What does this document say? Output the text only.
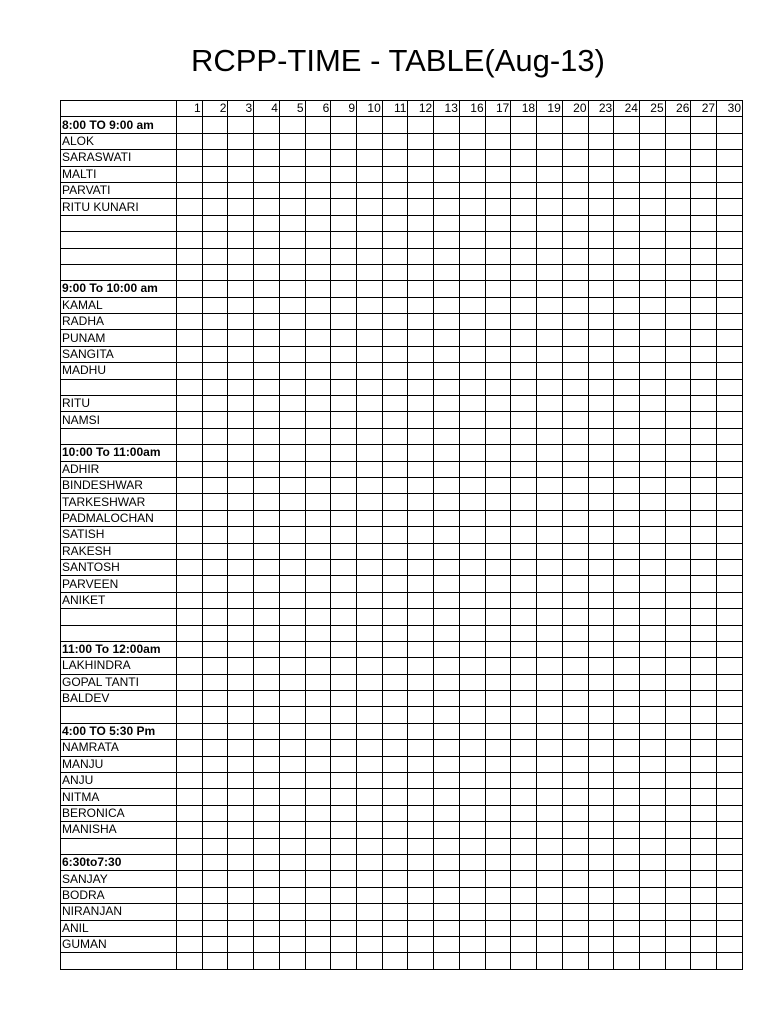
RCPP-TIME - TABLE(Aug-13)
	1	2	3	4	5	6	9	10	11	12	13	16	17	18	19	20	23	24	25	26	27	30
8:00 TO 9:00 am																						
ALOK																						
SARASWATI																						
MALTI																						
PARVATI																						
RITU KUNARI																						

9:00 To 10:00 am																						
KAMAL																						
RADHA																						
PUNAM																						
SANGITA																						
MADHU																						

RITU																						
NAMSI																						

10:00 To 11:00am																						
ADHIR																						
BINDESHWAR																						
TARKESHWAR																						
PADMALOCHAN																						
SATISH																						
RAKESH																						
SANTOSH																						
PARVEEN																						
ANIKET																						

11:00 To 12:00am																						
LAKHINDRA																						
GOPAL TANTI																						
BALDEV																						

4:00 TO 5:30 Pm																						
NAMRATA																						
MANJU																						
ANJU																						
NITMA																						
BERONICA																						
MANISHA																						

6:30to7:30																						
SANJAY																						
BODRA																						
NIRANJAN																						
ANIL																						
GUMAN																						
